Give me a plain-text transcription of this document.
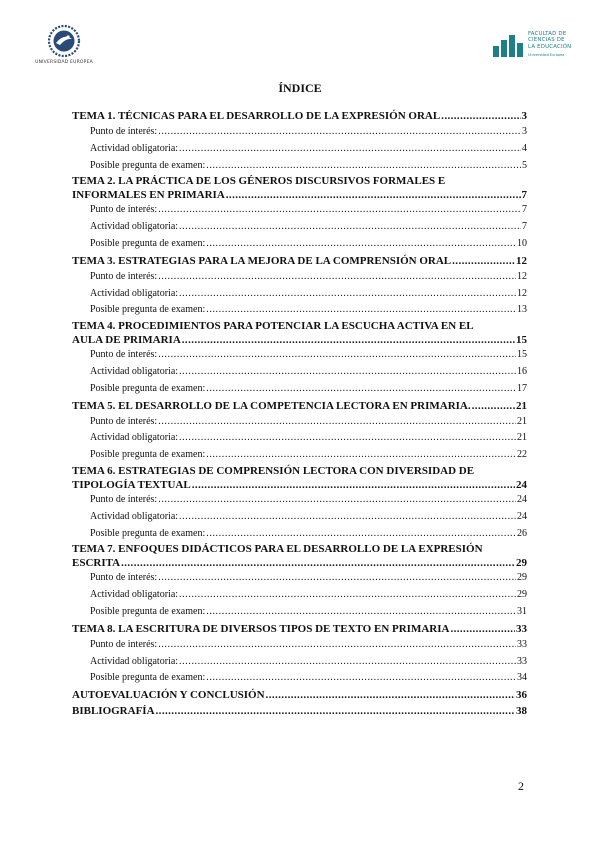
UNIVERSIDAD EUROPEA
FACULTAD DE
CIENCIAS DE
LA EDUCACIÓN
Universidad Europea
ÍNDICE
TEMA 1. TÉCNICAS PARA EL DESARROLLO DE LA EXPRESIÓN ORAL .....	3
Punto de interés: .....	3
Actividad obligatoria: .....	4
Posible pregunta de examen: .....	5
TEMA 2. LA PRÁCTICA DE LOS GÉNEROS DISCURSIVOS FORMALES E
INFORMALES EN PRIMARIA .....	7
Punto de interés: .....	7
Actividad obligatoria: .....	7
Posible pregunta de examen: .....	10
TEMA 3. ESTRATEGIAS PARA LA MEJORA DE LA COMPRENSIÓN ORAL .....	12
Punto de interés: .....	12
Actividad obligatoria: .....	12
Posible pregunta de examen: .....	13
TEMA 4. PROCEDIMIENTOS PARA POTENCIAR LA ESCUCHA ACTIVA EN EL
AULA DE PRIMARIA .....	15
Punto de interés: .....	15
Actividad obligatoria: .....	16
Posible pregunta de examen: .....	17
TEMA 5. EL DESARROLLO DE LA COMPETENCIA LECTORA EN PRIMARIA. .....	21
Punto de interés: .....	21
Actividad obligatoria: .....	21
Posible pregunta de examen: .....	22
TEMA 6. ESTRATEGIAS DE COMPRENSIÓN LECTORA CON DIVERSIDAD DE
TIPOLOGÍA TEXTUAL .....	24
Punto de interés: .....	24
Actividad obligatoria: .....	24
Posible pregunta de examen: .....	26
TEMA 7. ENFOQUES DIDÁCTICOS PARA EL DESARROLLO DE LA EXPRESIÓN
ESCRITA .....	29
Punto de interés: .....	29
Actividad obligatoria: .....	29
Posible pregunta de examen: .....	31
TEMA 8. LA ESCRITURA DE DIVERSOS TIPOS DE TEXTO EN PRIMARIA .....	33
Punto de interés: .....	33
Actividad obligatoria: .....	33
Posible pregunta de examen: .....	34
AUTOEVALUACIÓN Y CONCLUSIÓN .....	36
BIBLIOGRAFÍA .....	38
2
